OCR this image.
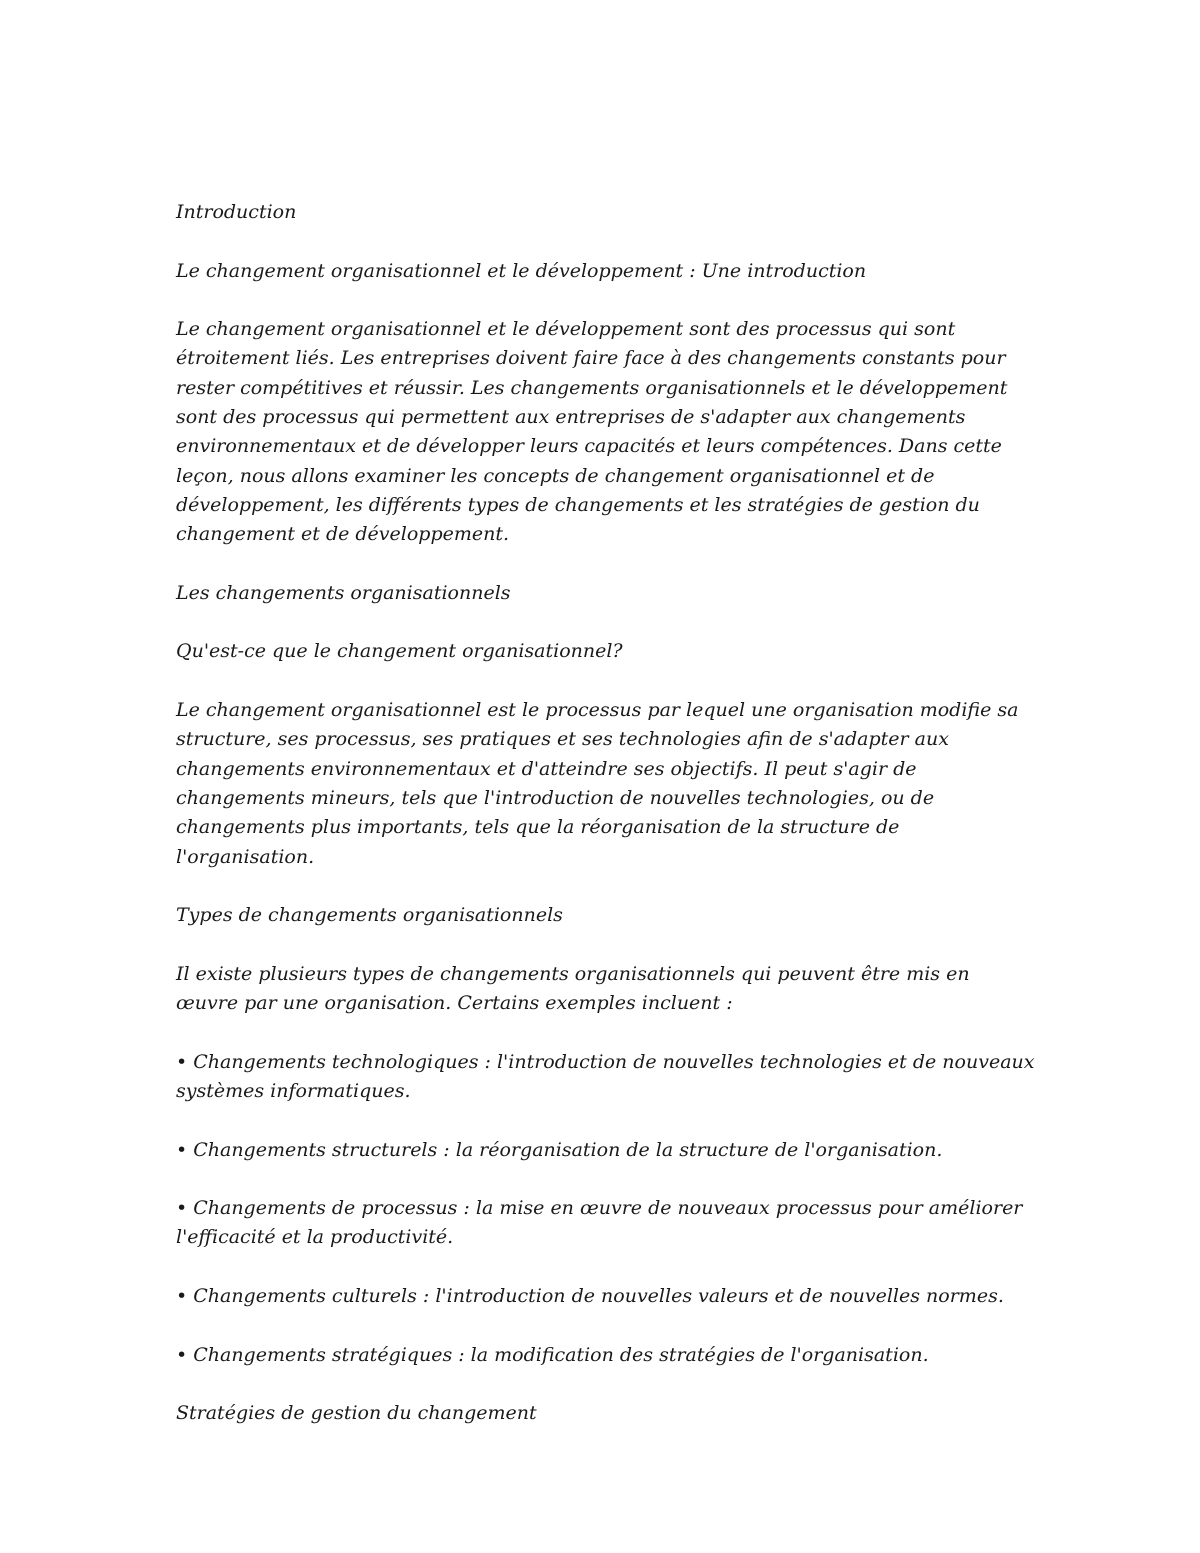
Introduction

Le changement organisationnel et le développement : Une introduction

Le changement organisationnel et le développement sont des processus qui sont étroitement liés. Les entreprises doivent faire face à des changements constants pour rester compétitives et réussir. Les changements organisationnels et le développement sont des processus qui permettent aux entreprises de s'adapter aux changements environnementaux et de développer leurs capacités et leurs compétences. Dans cette leçon, nous allons examiner les concepts de changement organisationnel et de développement, les différents types de changements et les stratégies de gestion du changement et de développement.

Les changements organisationnels

Qu'est-ce que le changement organisationnel?

Le changement organisationnel est le processus par lequel une organisation modifie sa structure, ses processus, ses pratiques et ses technologies afin de s'adapter aux changements environnementaux et d'atteindre ses objectifs. Il peut s'agir de changements mineurs, tels que l'introduction de nouvelles technologies, ou de changements plus importants, tels que la réorganisation de la structure de l'organisation.

Types de changements organisationnels

Il existe plusieurs types de changements organisationnels qui peuvent être mis en œuvre par une organisation. Certains exemples incluent :

• Changements technologiques : l'introduction de nouvelles technologies et de nouveaux systèmes informatiques.

• Changements structurels : la réorganisation de la structure de l'organisation.

• Changements de processus : la mise en œuvre de nouveaux processus pour améliorer l'efficacité et la productivité.

• Changements culturels : l'introduction de nouvelles valeurs et de nouvelles normes.

• Changements stratégiques : la modification des stratégies de l'organisation.

Stratégies de gestion du changement
